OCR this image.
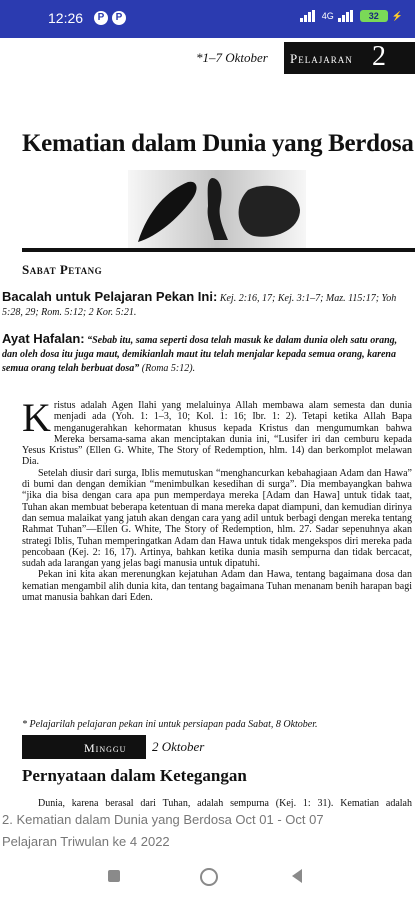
12:26	P	P	4G	32	⚡
*1–7 Oktober Pelajaran 2
Kematian dalam Dunia yang Berdosa
Sabat Petang
Bacalah untuk Pelajaran Pekan Ini: Kej. 2:16, 17; Kej. 3:1–7; Maz. 115:17; Yoh 5:28, 29; Rom. 5:12; 2 Kor. 5:21.
Ayat Hafalan: “Sebab itu, sama seperti dosa telah masuk ke dalam dunia oleh satu orang, dan oleh dosa itu juga maut, demikianlah maut itu telah menjalar kepada semua orang, karena semua orang telah berbuat dosa” (Roma 5:12).

Kristus adalah Agen Ilahi yang melaluinya Allah membawa alam semesta dan dunia menjadi ada (Yoh. 1: 1–3, 10; Kol. 1: 16; Ibr. 1: 2). Tetapi ketika Allah Bapa menganugerahkan kehormatan khusus kepada Kristus dan mengumumkan bahwa Mereka bersama-sama akan menciptakan dunia ini, “Lusifer iri dan cemburu kepada Yesus Kristus” (Ellen G. White, The Story of Redemption, hlm. 14) dan berkomplot melawan Dia.

Setelah diusir dari surga, Iblis memutuskan “menghancurkan kebahagiaan Adam dan Hawa” di bumi dan dengan demikian “menimbulkan kesedihan di surga”. Dia membayangkan bahwa “jika dia bisa dengan cara apa pun memperdaya mereka [Adam dan Hawa] untuk tidak taat, Tuhan akan membuat beberapa ketentuan di mana mereka dapat diampuni, dan kemudian dirinya dan semua malaikat yang jatuh akan dengan cara yang adil untuk berbagi dengan mereka tentang Rahmat Tuhan”—Ellen G. White, The Story of Redemption, hlm. 27. Sadar sepenuhnya akan strategi Iblis, Tuhan memperingatkan Adam dan Hawa untuk tidak mengekspos diri mereka pada pencobaan (Kej. 2: 16, 17). Artinya, bahkan ketika dunia masih sempurna dan tidak bercacat, sudah ada larangan yang jelas bagi manusia untuk dipatuhi.

Pekan ini kita akan merenungkan kejatuhan Adam dan Hawa, tentang bagaimana dosa dan kematian mengambil alih dunia kita, dan tentang bagaimana Tuhan menanam benih harapan bagi umat manusia bahkan dari Eden.

* Pelajarilah pelajaran pekan ini untuk persiapan pada Sabat, 8 Oktober.
Minggu 2 Oktober
Pernyataan dalam Ketegangan

Dunia, karena berasal dari Tuhan, adalah sempurna (Kej. 1: 31). Kematian adalah

2. Kematian dalam Dunia yang Berdosa Oct 01 - Oct 07
Pelajaran Triwulan ke 4 2022
